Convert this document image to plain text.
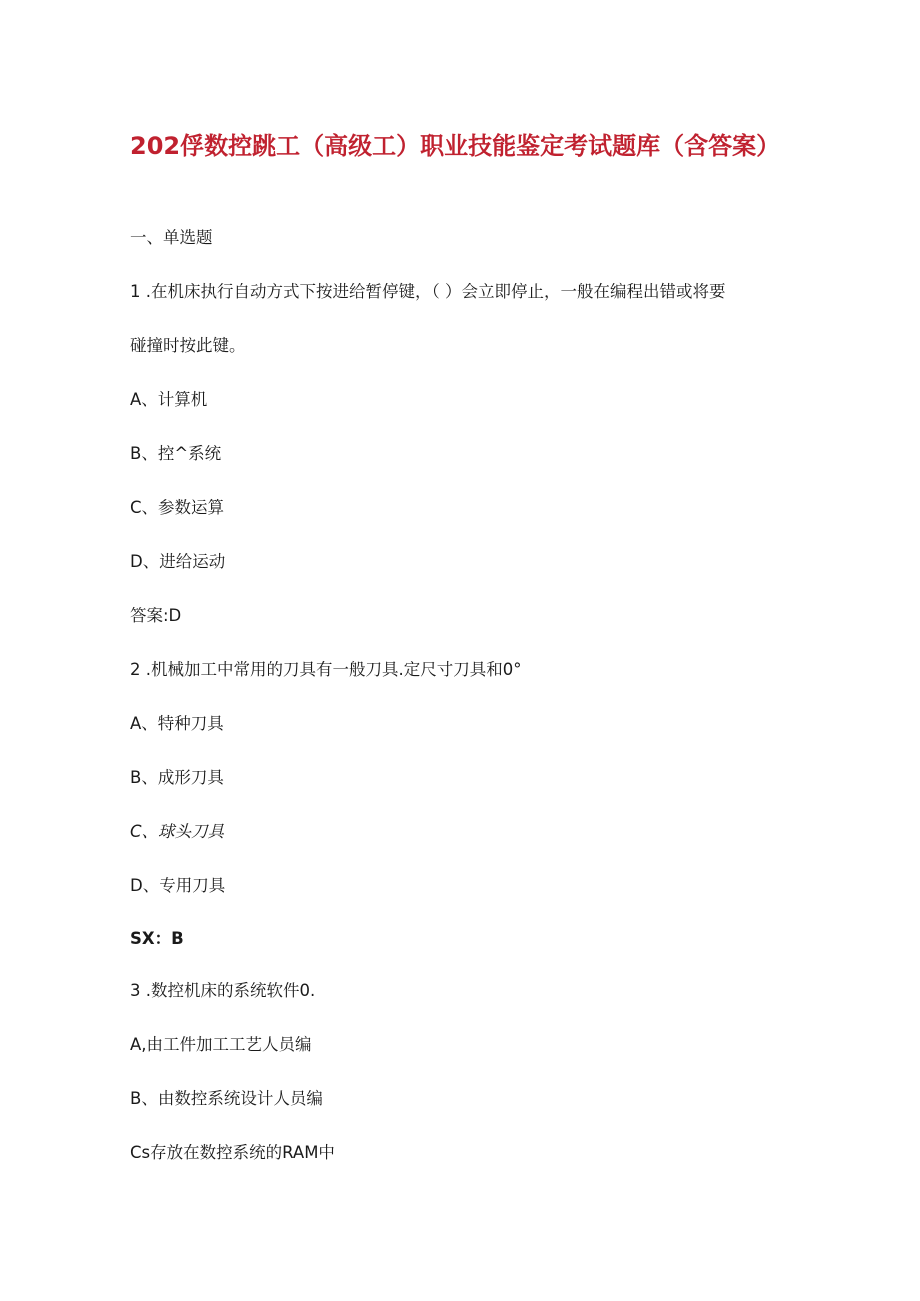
202俘数控跳工（高级工）职业技能鉴定考试题库（含答案）
一、单选题
1 .在机床执行自动方式下按进给暂停键，（ ）会立即停止，一般在编程出错或将要
碰撞时按此键。
A、计算机
B、控^系统
C、参数运算
D、进给运动
答案:D
2 .机械加工中常用的刀具有一般刀具.定尺寸刀具和0°
A、特种刀具
B、成形刀具
C、球头刀具
D、专用刀具
SX：B
3 .数控机床的系统软件0.
A,由工件加工工艺人员编
B、由数控系统设计人员编
Cs存放在数控系统的RAM中
